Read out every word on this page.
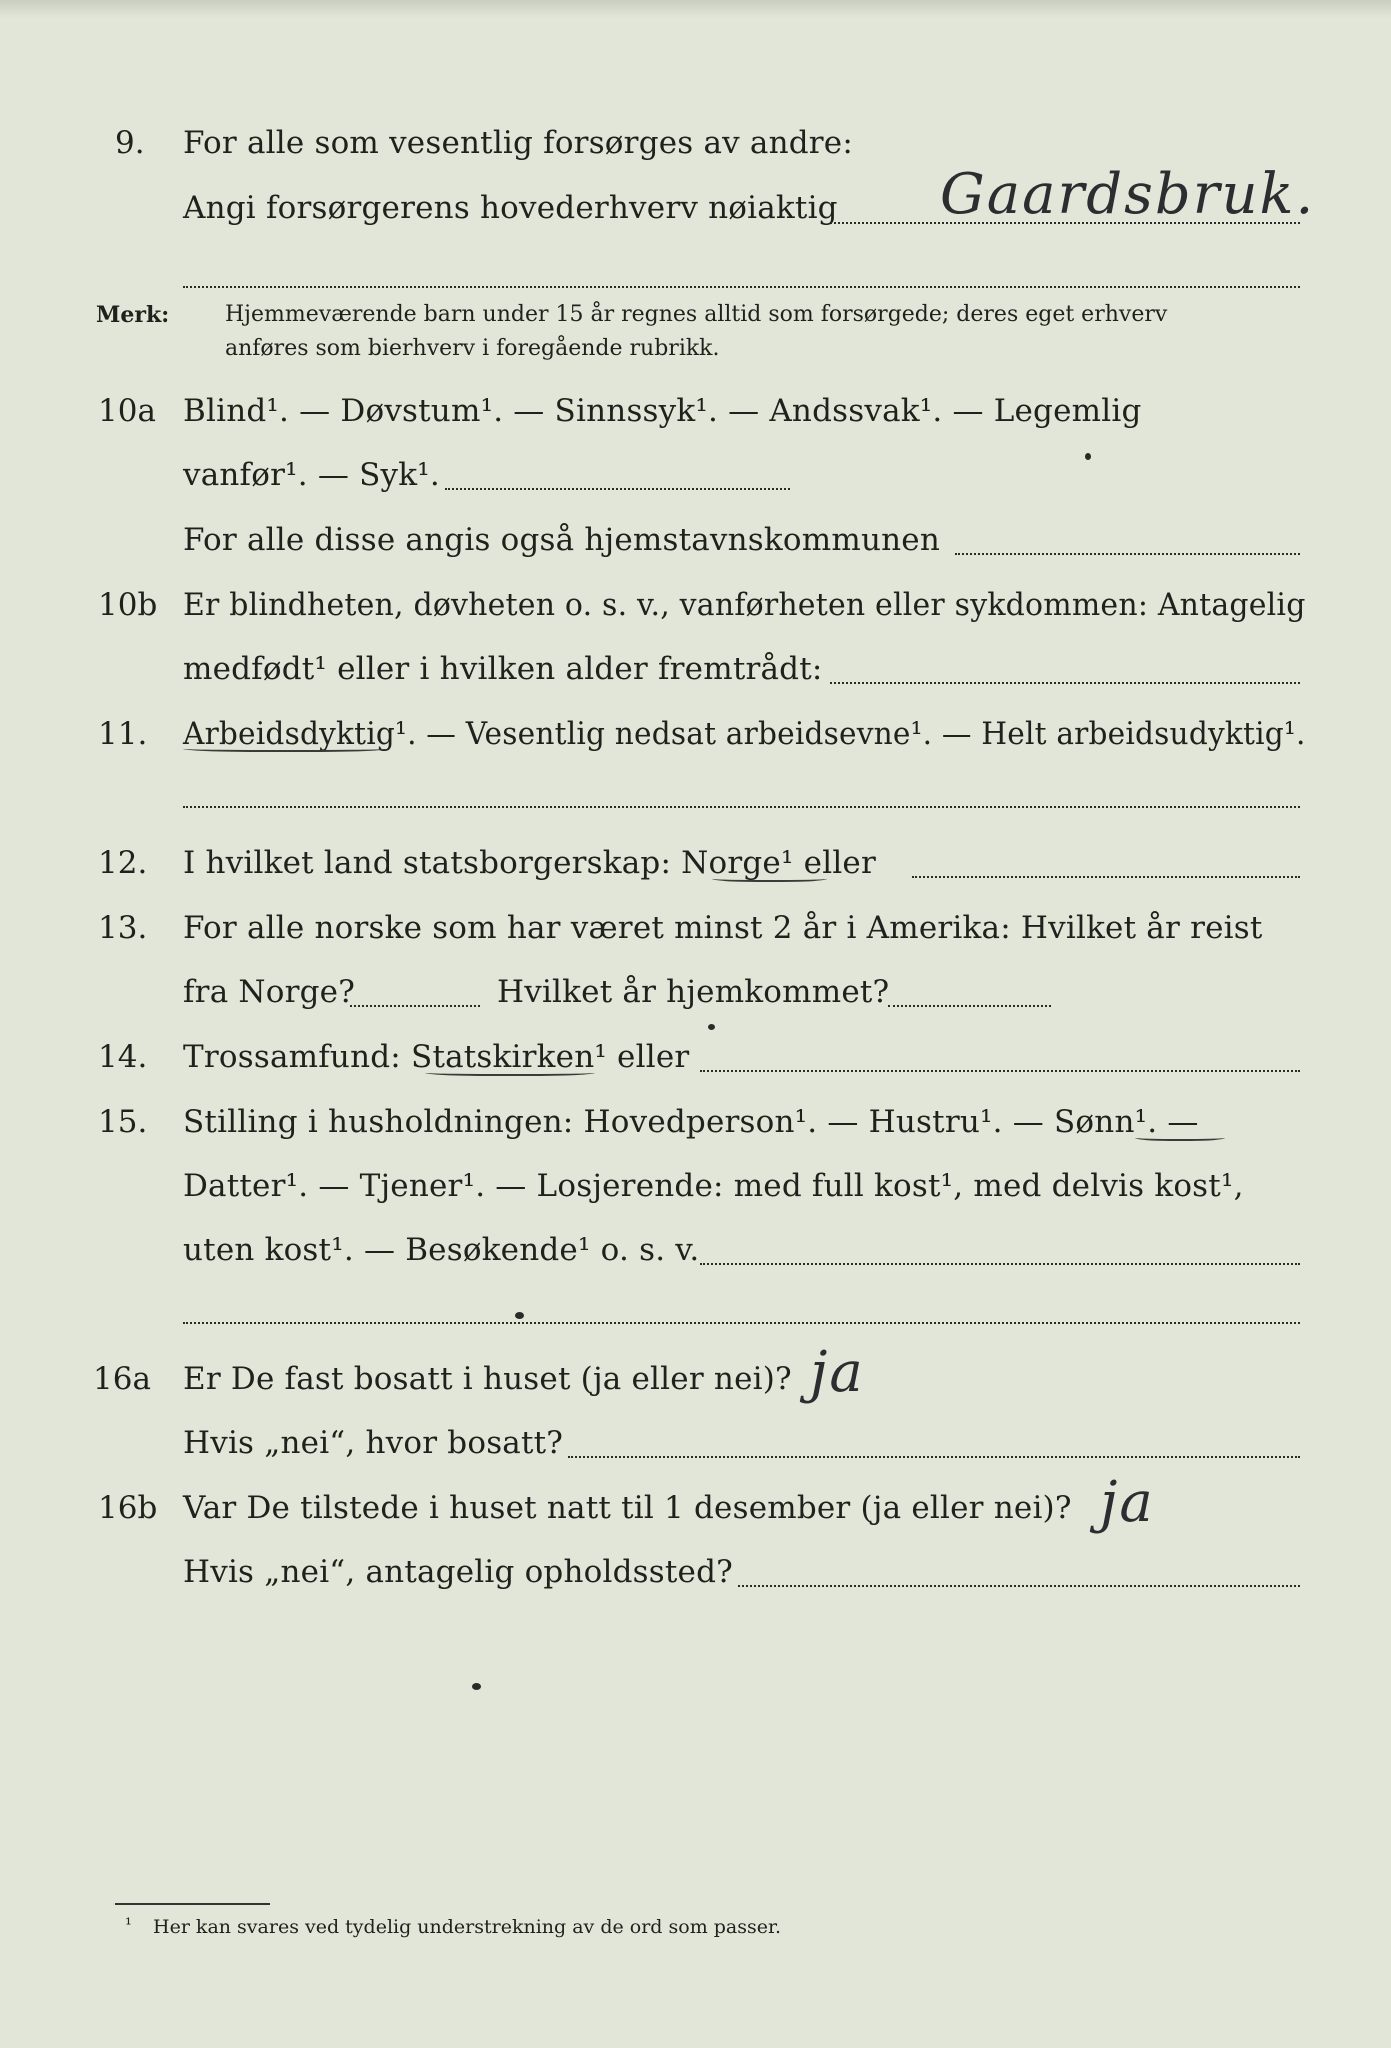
9. For alle som vesentlig forsørges av andre:
Angi forsørgerens hovederhverv nøiaktig Gaardsbruk.
Merk:	Hjemmeværende barn under 15 år regnes alltid som forsørgede; deres eget erhverv
anføres som bierhverv i foregående rubrikk.
10a Blind¹. — Døvstum¹. — Sinnssyk¹. — Andssvak¹. — Legemlig
vanfør¹. — Syk¹.
For alle disse angis også hjemstavnskommunen
10b Er blindheten, døvheten o. s. v., vanførheten eller sykdommen: Antagelig
medfødt¹ eller i hvilken alder fremtrådt:
11. Arbeidsdyktig¹. — Vesentlig nedsat arbeidsevne¹. — Helt arbeidsudyktig¹.
12. I hvilket land statsborgerskap: Norge¹ eller
13. For alle norske som har været minst 2 år i Amerika: Hvilket år reist
fra Norge?	Hvilket år hjemkommet?
14. Trossamfund: Statskirken¹ eller
15. Stilling i husholdningen: Hovedperson¹. — Hustru¹. — Sønn¹. —
Datter¹. — Tjener¹. — Losjerende: med full kost¹, med delvis kost¹,
uten kost¹. — Besøkende¹ o. s. v.
16a Er De fast bosatt i huset (ja eller nei)? ja
Hvis „nei“, hvor bosatt?
16b Var De tilstede i huset natt til 1 desember (ja eller nei)? ja
Hvis „nei“, antagelig opholdssted?
¹ Her kan svares ved tydelig understrekning av de ord som passer.
